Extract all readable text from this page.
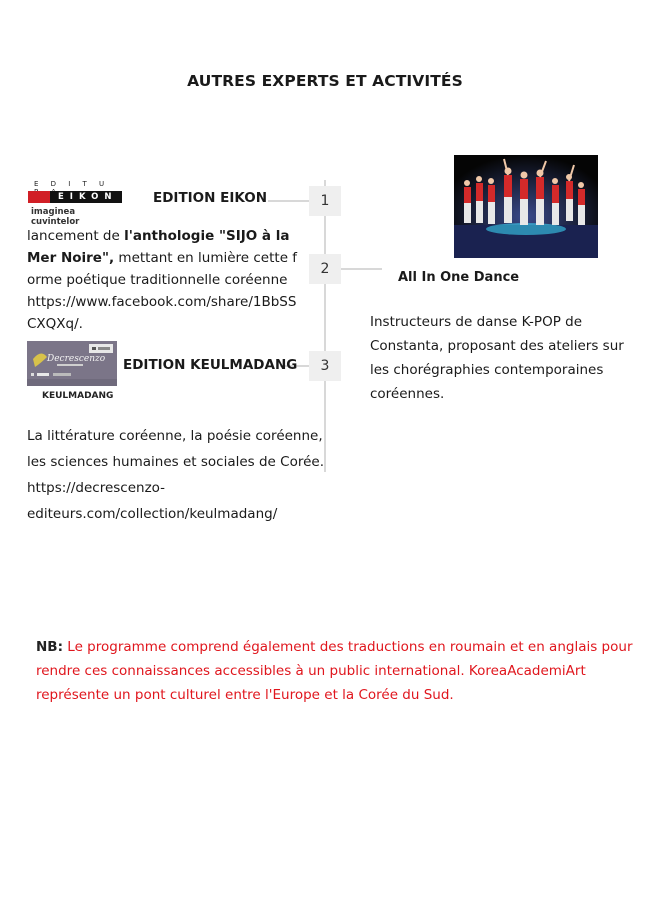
AUTRES EXPERTS ET ACTIVITÉS
1
2
3
E D I T U
EIKON
imaginea cuvintelor
EDITION EIKON
lancement de l'anthologie "SIJO à la Mer Noire", mettant en lumière cette forme poétique traditionnelle coréenne https://www.facebook.com/share/1BbSSCXQXq/.
All In One Dance
Instructeurs de danse K-POP de Constanta, proposant des ateliers sur les chorégraphies contemporaines coréennes.
Decrescenzo
KEULMADANG
EDITION KEULMADANG
La littérature coréenne, la poésie coréenne, les sciences humaines et sociales de Corée. https://decrescenzo-editeurs.com/collection/keulmadang/
NB: Le programme comprend également des traductions en roumain et en anglais pour rendre ces connaissances accessibles à un public international. KoreaAcademiArt représente un pont culturel entre l'Europe et la Corée du Sud.
